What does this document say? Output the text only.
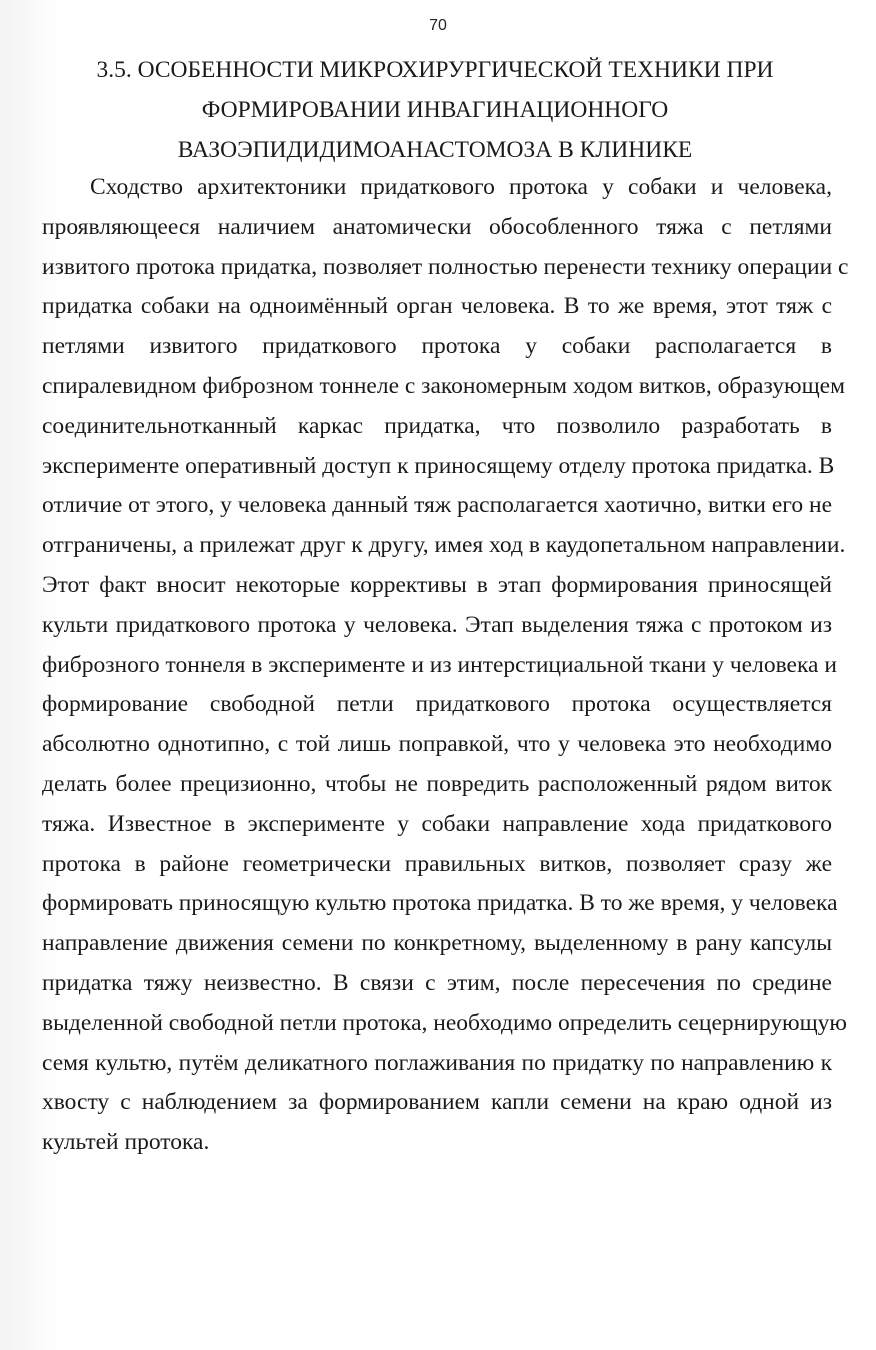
70
3.5. ОСОБЕННОСТИ МИКРОХИРУРГИЧЕСКОЙ ТЕХНИКИ ПРИ
ФОРМИРОВАНИИ ИНВАГИНАЦИОННОГО
ВАЗОЭПИДИДИМОАНАСТОМОЗА В КЛИНИКЕ
Сходство архитектоники придаткового протока у собаки и человека,
проявляющееся наличием анатомически обособленного тяжа с петлями
извитого протока придатка, позволяет полностью перенести технику операции с
придатка собаки на одноимённый орган человека. В то же время, этот тяж с
петлями извитого придаткового протока у собаки располагается в
спиралевидном фиброзном тоннеле с закономерным ходом витков, образующем
соединительнотканный каркас придатка, что позволило разработать в
эксперименте оперативный доступ к приносящему отделу протока придатка. В
отличие от этого, у человека данный тяж располагается хаотично, витки его не
отграничены, а прилежат друг к другу, имея ход в каудопетальном направлении.
Этот факт вносит некоторые коррективы в этап формирования приносящей
культи придаткового протока у человека. Этап выделения тяжа с протоком из
фиброзного тоннеля в эксперименте и из интерстициальной ткани у человека и
формирование свободной петли придаткового протока осуществляется
абсолютно однотипно, с той лишь поправкой, что у человека это необходимо
делать более прецизионно, чтобы не повредить расположенный рядом виток
тяжа. Известное в эксперименте у собаки направление хода придаткового
протока в районе геометрически правильных витков, позволяет сразу же
формировать приносящую культю протока придатка. В то же время, у человека
направление движения семени по конкретному, выделенному в рану капсулы
придатка тяжу неизвестно. В связи с этим, после пересечения по средине
выделенной свободной петли протока, необходимо определить сецернирующую
семя культю, путём деликатного поглаживания по придатку по направлению к
хвосту с наблюдением за формированием капли семени на краю одной из
культей протока.
